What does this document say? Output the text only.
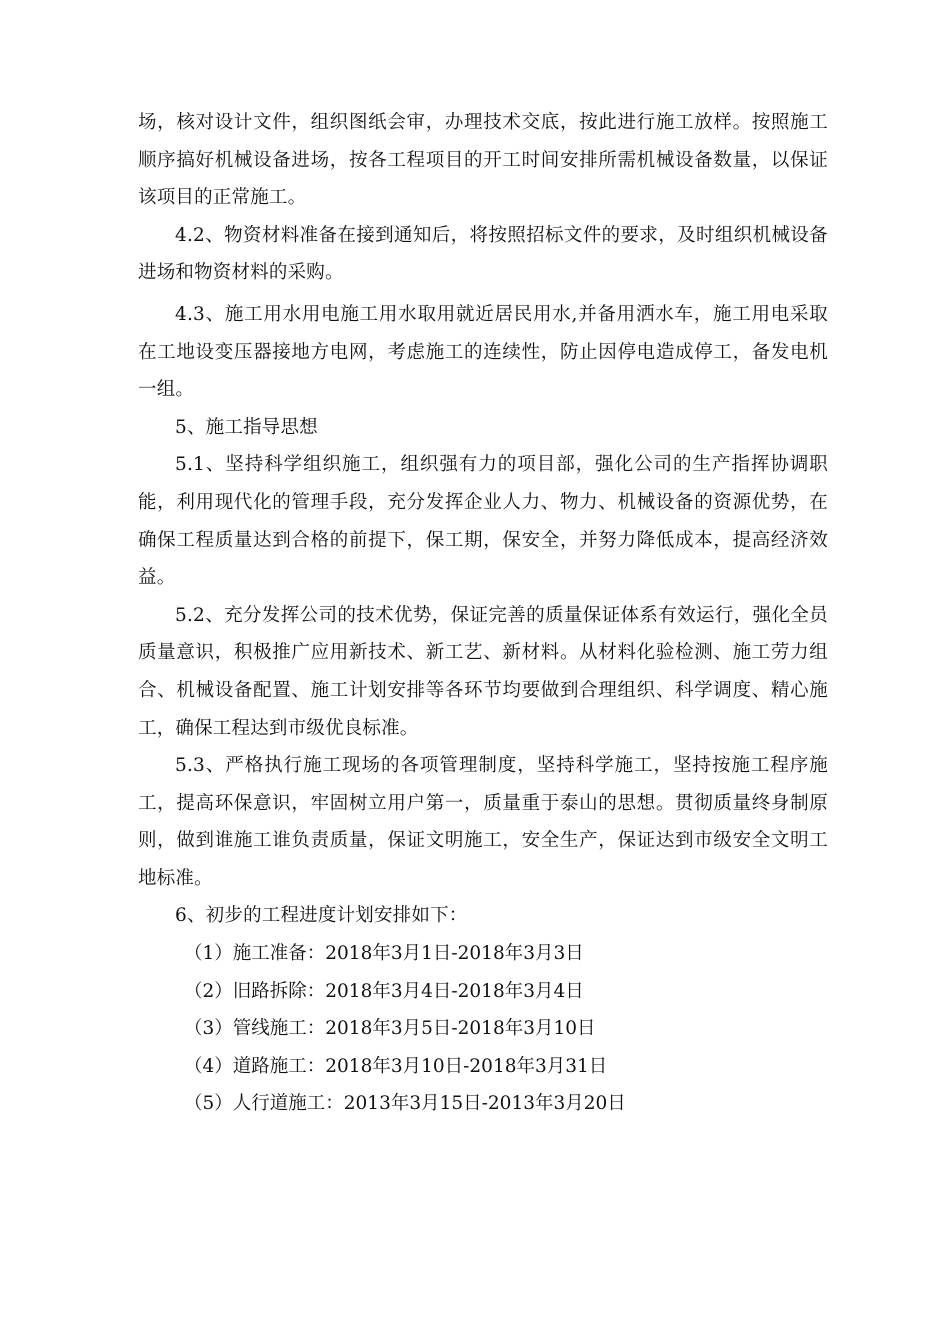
场，核对设计文件，组织图纸会审，办理技术交底，按此进行施工放样。按照施工顺序搞好机械设备进场，按各工程项目的开工时间安排所需机械设备数量，以保证该项目的正常施工。

4.2、物资材料准备在接到通知后，将按照招标文件的要求，及时组织机械设备进场和物资材料的采购。

4.3、施工用水用电施工用水取用就近居民用水,并备用洒水车，施工用电采取在工地设变压器接地方电网，考虑施工的连续性，防止因停电造成停工，备发电机一组。

5、施工指导思想

5.1、坚持科学组织施工，组织强有力的项目部，强化公司的生产指挥协调职能，利用现代化的管理手段，充分发挥企业人力、物力、机械设备的资源优势，在确保工程质量达到合格的前提下，保工期，保安全，并努力降低成本，提高经济效益。

5.2、充分发挥公司的技术优势，保证完善的质量保证体系有效运行，强化全员质量意识，积极推广应用新技术、新工艺、新材料。从材料化验检测、施工劳力组合、机械设备配置、施工计划安排等各环节均要做到合理组织、科学调度、精心施工，确保工程达到市级优良标准。

5.3、严格执行施工现场的各项管理制度，坚持科学施工，坚持按施工程序施工，提高环保意识，牢固树立用户第一，质量重于泰山的思想。贯彻质量终身制原则，做到谁施工谁负责质量，保证文明施工，安全生产，保证达到市级安全文明工地标准。

6、初步的工程进度计划安排如下：

（1）施工准备：2018年3月1日-2018年3月3日

（2）旧路拆除：2018年3月4日-2018年3月4日

（3）管线施工：2018年3月5日-2018年3月10日

（4）道路施工：2018年3月10日-2018年3月31日

（5）人行道施工：2013年3月15日-2013年3月20日
